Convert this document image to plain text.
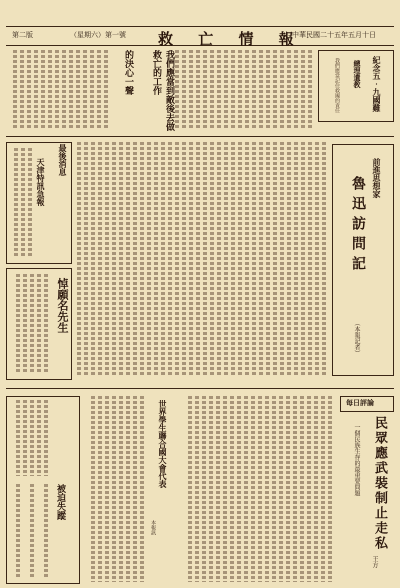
中華民國二十五年五月十日
救 亡 情 報
（星期六）第一號
第二版
紀念五‧九國難
總理遺教
我們應當記住救國的責任
我們應當到敵後去做救亡的工作
的決心一聲
前進思想家
魯迅訪問記
（本報記者）
最後消息
天津特訊急報
悼願名先生
每日評論
民眾應武裝制止走私
一個民族生存的最重要問題
王方
世界學生聯合國大會代表
本報訊
被迫失蹤
